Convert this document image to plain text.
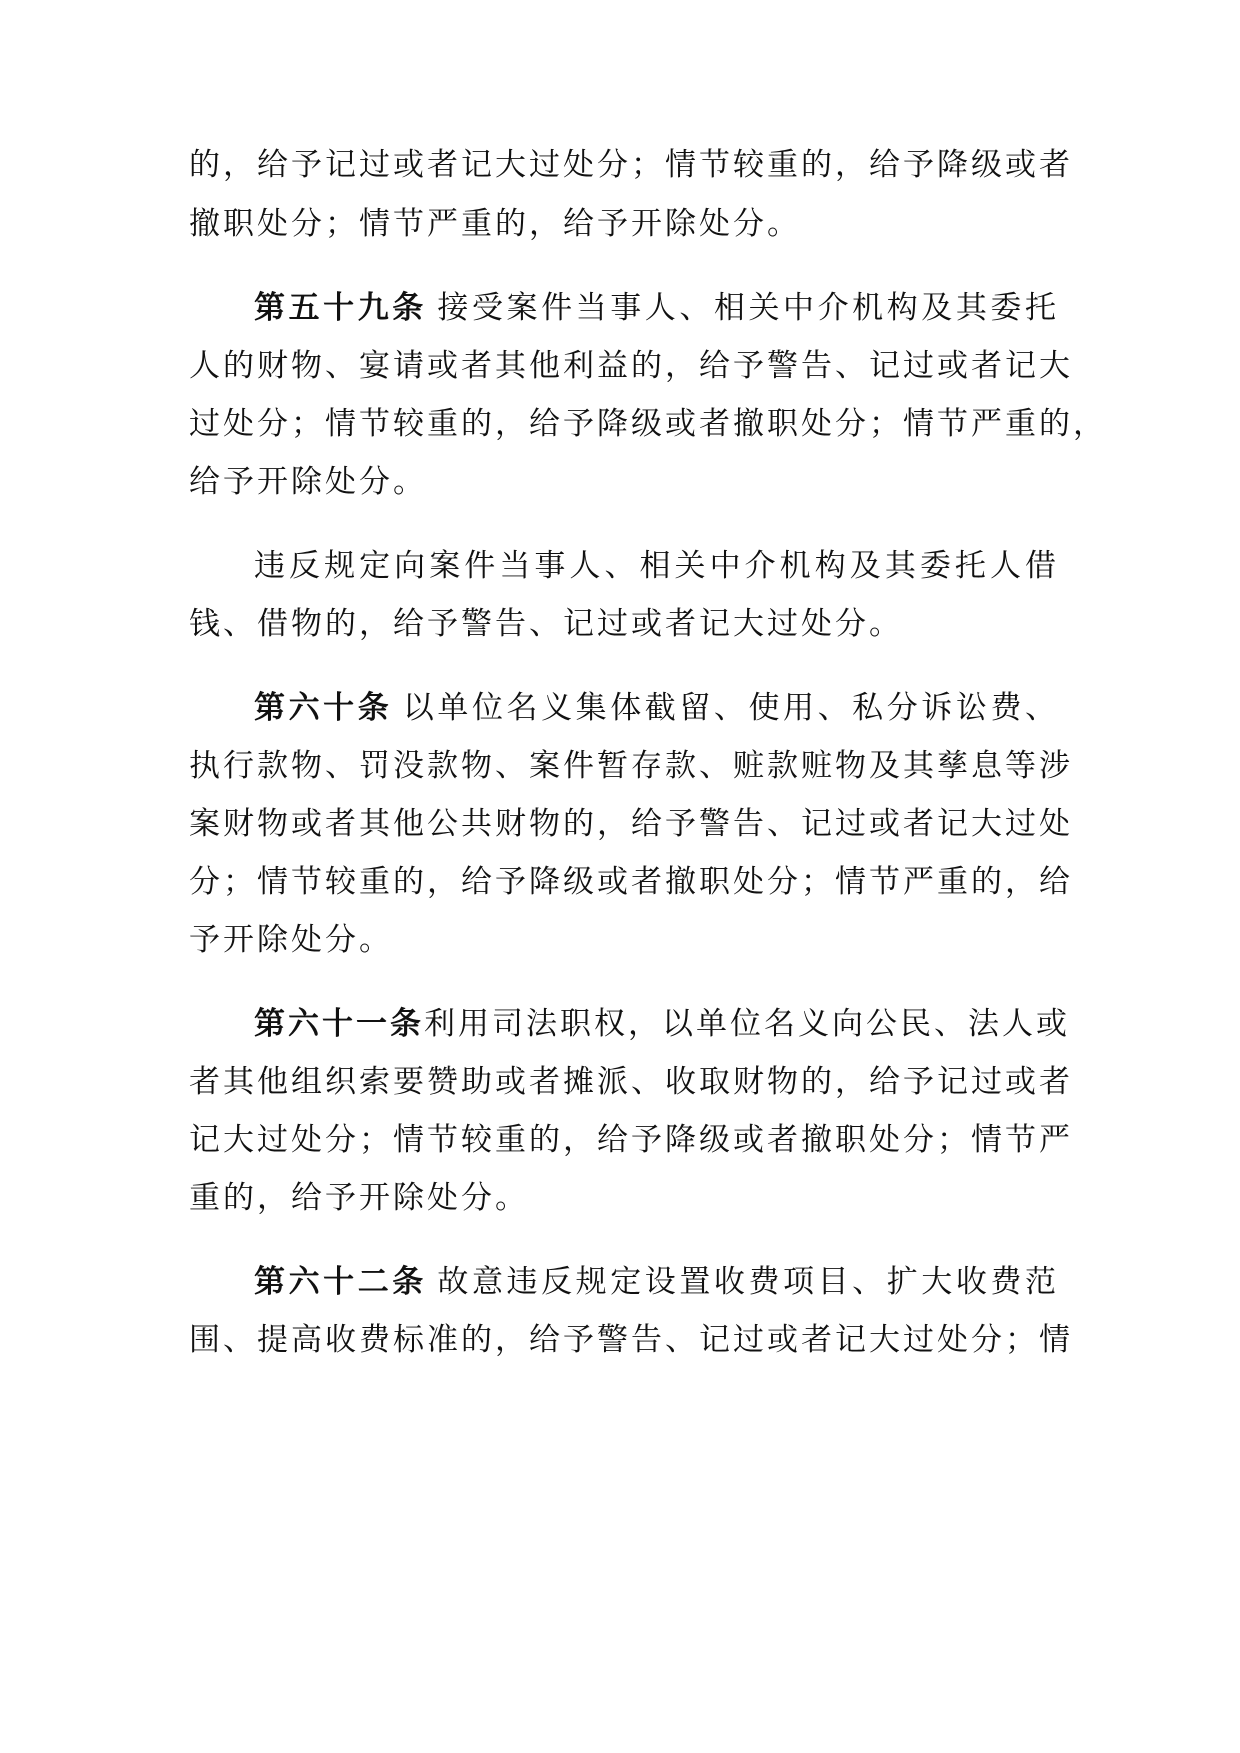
的，给予记过或者记大过处分；情节较重的，给予降级或者
撤职处分；情节严重的，给予开除处分。
第五十九条 接受案件当事人、相关中介机构及其委托
人的财物、宴请或者其他利益的，给予警告、记过或者记大
过处分；情节较重的，给予降级或者撤职处分；情节严重的，
给予开除处分。
违反规定向案件当事人、相关中介机构及其委托人借
钱、借物的，给予警告、记过或者记大过处分。
第六十条 以单位名义集体截留、使用、私分诉讼费、
执行款物、罚没款物、案件暂存款、赃款赃物及其孳息等涉
案财物或者其他公共财物的，给予警告、记过或者记大过处
分；情节较重的，给予降级或者撤职处分；情节严重的，给
予开除处分。
第六十一条利用司法职权，以单位名义向公民、法人或
者其他组织索要赞助或者摊派、收取财物的，给予记过或者
记大过处分；情节较重的，给予降级或者撤职处分；情节严
重的，给予开除处分。
第六十二条 故意违反规定设置收费项目、扩大收费范
围、提高收费标准的，给予警告、记过或者记大过处分；情
